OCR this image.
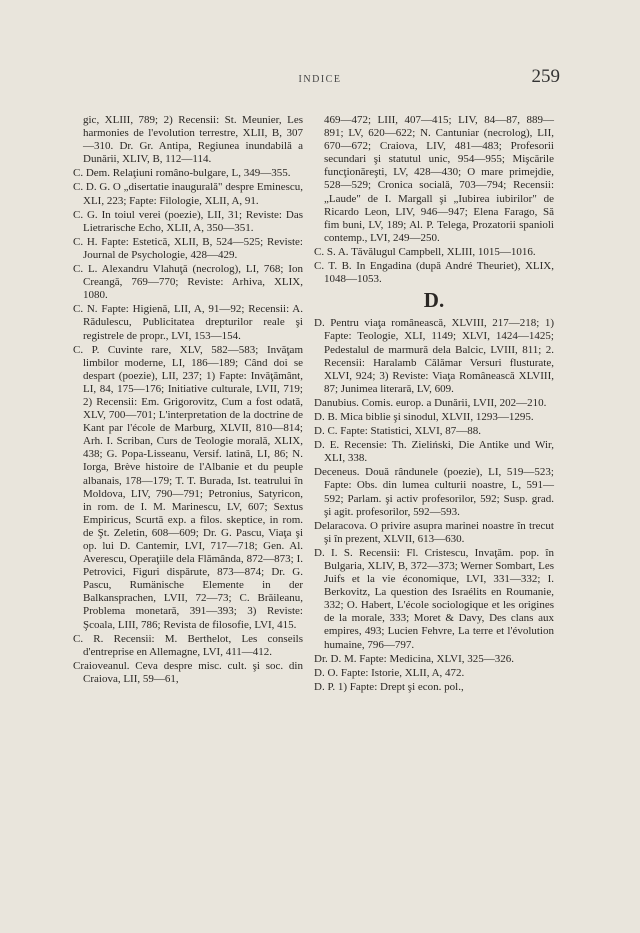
INDICE	259

gic, XLIII, 789; 2) Recensii: St. Meunier, Les harmonies de l'evolution terrestre, XLII, B, 307—310. Dr. Gr. Antipa, Regiunea inundabilă a Dunării, XLIV, B, 112—114.

C. Dem. Relaţiuni româno-bulgare, L, 349—355.

C. D. G. O „disertatie inaugurală" despre Eminescu, XLI, 223; Fapte: Filologie, XLII, A, 91.

C. G. In toiul verei (poezie), LII, 31; Reviste: Das Lietrarische Echo, XLII, A, 350—351.

C. H. Fapte: Estetică, XLII, B, 524—525; Reviste: Journal de Psychologie, 428—429.

C. L. Alexandru Vlahuţă (necrolog), LI, 768; Ion Creangă, 769—770; Reviste: Arhiva, XLIX, 1080.

C. N. Fapte: Higienă, LII, A, 91—92; Recensii: A. Rădulescu, Publicitatea drepturilor reale şi registrele de propr., LVI, 153—154.

C. P. Cuvinte rare, XLV, 582—583; Invăţam limbilor moderne, LI, 186—189; Când doi se despart (poezie), LII, 237; 1) Fapte: Invăţământ, LI, 84, 175—176; Initiative culturale, LVII, 719; 2) Recensii: Em. Grigorovitz, Cum a fost odată, XLV, 700—701; L'interpretation de la doctrine de Kant par l'école de Marburg, XLVII, 810—814; Arh. I. Scriban, Curs de Teologie morală, XLIX, 438; G. Popa-Lisseanu, Versif. latină, LI, 86; N. Iorga, Brève histoire de l'Albanie et du peuple albanais, 178—179; T. T. Burada, Ist. teatrului în Moldova, LIV, 790—791; Petronius, Satyricon, in rom. de I. M. Marinescu, LV, 607; Sextus Empiricus, Scurtă exp. a filos. skeptice, in rom. de Şt. Zeletin, 608—609; Dr. G. Pascu, Viaţa şi op. lui D. Cantemir, LVI, 717—718; Gen. Al. Averescu, Operaţiile dela Flămânda, 872—873; I. Petrovici, Figuri dispărute, 873—874; Dr. G. Pascu, Rumänische Elemente in der Balkansprachen, LVII, 72—73; C. Brăileanu, Problema monetară, 391—393; 3) Reviste: Şcoala, LIII, 786; Revista de filosofie, LVI, 415.

C. R. Recensii: M. Berthelot, Les conseils d'entreprise en Allemagne, LVI, 411—412.

Craioveanul. Ceva despre misc. cult. şi soc. din Craiova, LII, 59—61,

469—472; LIII, 407—415; LIV, 84—87, 889—891; LV, 620—622; N. Cantuniar (necrolog), LII, 670—672; Craiova, LIV, 481—483; Profesorii secundari şi statutul unic, 954—955; Mişcările funcţionăreşti, LV, 428—430; O mare primejdie, 528—529; Cronica socială, 703—794; Recensii: „Laude" de I. Margall şi „Iubirea iubirilor" de Ricardo Leon, LIV, 946—947; Elena Farago, Să fim buni, LV, 189; Al. P. Telega, Prozatorii spanioli contemp., LVI, 249—250.

C. S. A. Tăvălugul Campbell, XLIII, 1015—1016.

C. T. B. In Engadina (după André Theuriet), XLIX, 1048—1053.

D.

D. Pentru viaţa românească, XLVIII, 217—218; 1) Fapte: Teologie, XLI, 1149; XLVI, 1424—1425; Pedestalul de marmură dela Balcic, LVIII, 811; 2. Recensii: Haralamb Călămar Versuri flusturate, XLVI, 924; 3) Reviste: Viaţa Românească XLVIII, 87; Junimea literară, LV, 609.

Danubius. Comis. europ. a Dunării, LVII, 202—210.

D. B. Mica biblie şi sinodul, XLVII, 1293—1295.

D. C. Fapte: Statistici, XLVI, 87—88.

D. E. Recensie: Th. Zieliński, Die Antike und Wir, XLI, 338.

Deceneus. Două rândunele (poezie), LI, 519—523; Fapte: Obs. din lumea culturii noastre, L, 591—592; Parlam. şi activ profesorilor, 592; Susp. grad. şi agit. profesorilor, 592—593.

Delaracova. O privire asupra marinei noastre în trecut şi în prezent, XLVII, 613—630.

D. I. S. Recensii: Fl. Cristescu, Invaţăm. pop. în Bulgaria, XLIV, B, 372—373; Werner Sombart, Les Juifs et la vie économique, LVI, 331—332; I. Berkovitz, La question des Israélits en Roumanie, 332; O. Habert, L'école sociologique et les origines de la morale, 333; Moret & Davy, Des clans aux empires, 493; Lucien Fehvre, La terre et l'évolution humaine, 796—797.

Dr. D. M. Fapte: Medicina, XLVI, 325—326.

D. O. Fapte: Istorie, XLII, A, 472.

D. P. 1) Fapte: Drept şi econ. pol.,
